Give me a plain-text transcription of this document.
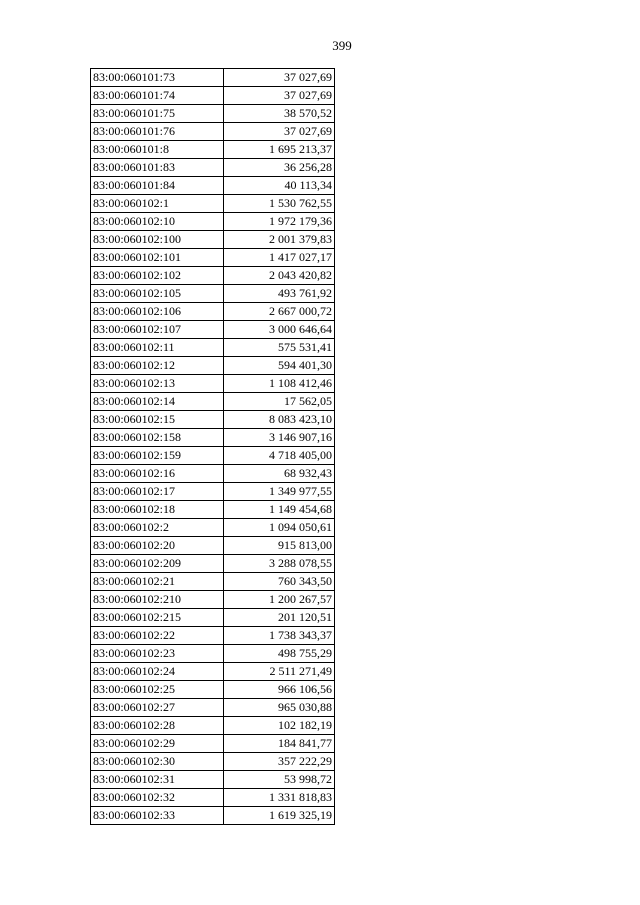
399
83:00:060101:73	37 027,69
83:00:060101:74	37 027,69
83:00:060101:75	38 570,52
83:00:060101:76	37 027,69
83:00:060101:8	1 695 213,37
83:00:060101:83	36 256,28
83:00:060101:84	40 113,34
83:00:060102:1	1 530 762,55
83:00:060102:10	1 972 179,36
83:00:060102:100	2 001 379,83
83:00:060102:101	1 417 027,17
83:00:060102:102	2 043 420,82
83:00:060102:105	493 761,92
83:00:060102:106	2 667 000,72
83:00:060102:107	3 000 646,64
83:00:060102:11	575 531,41
83:00:060102:12	594 401,30
83:00:060102:13	1 108 412,46
83:00:060102:14	17 562,05
83:00:060102:15	8 083 423,10
83:00:060102:158	3 146 907,16
83:00:060102:159	4 718 405,00
83:00:060102:16	68 932,43
83:00:060102:17	1 349 977,55
83:00:060102:18	1 149 454,68
83:00:060102:2	1 094 050,61
83:00:060102:20	915 813,00
83:00:060102:209	3 288 078,55
83:00:060102:21	760 343,50
83:00:060102:210	1 200 267,57
83:00:060102:215	201 120,51
83:00:060102:22	1 738 343,37
83:00:060102:23	498 755,29
83:00:060102:24	2 511 271,49
83:00:060102:25	966 106,56
83:00:060102:27	965 030,88
83:00:060102:28	102 182,19
83:00:060102:29	184 841,77
83:00:060102:30	357 222,29
83:00:060102:31	53 998,72
83:00:060102:32	1 331 818,83
83:00:060102:33	1 619 325,19
